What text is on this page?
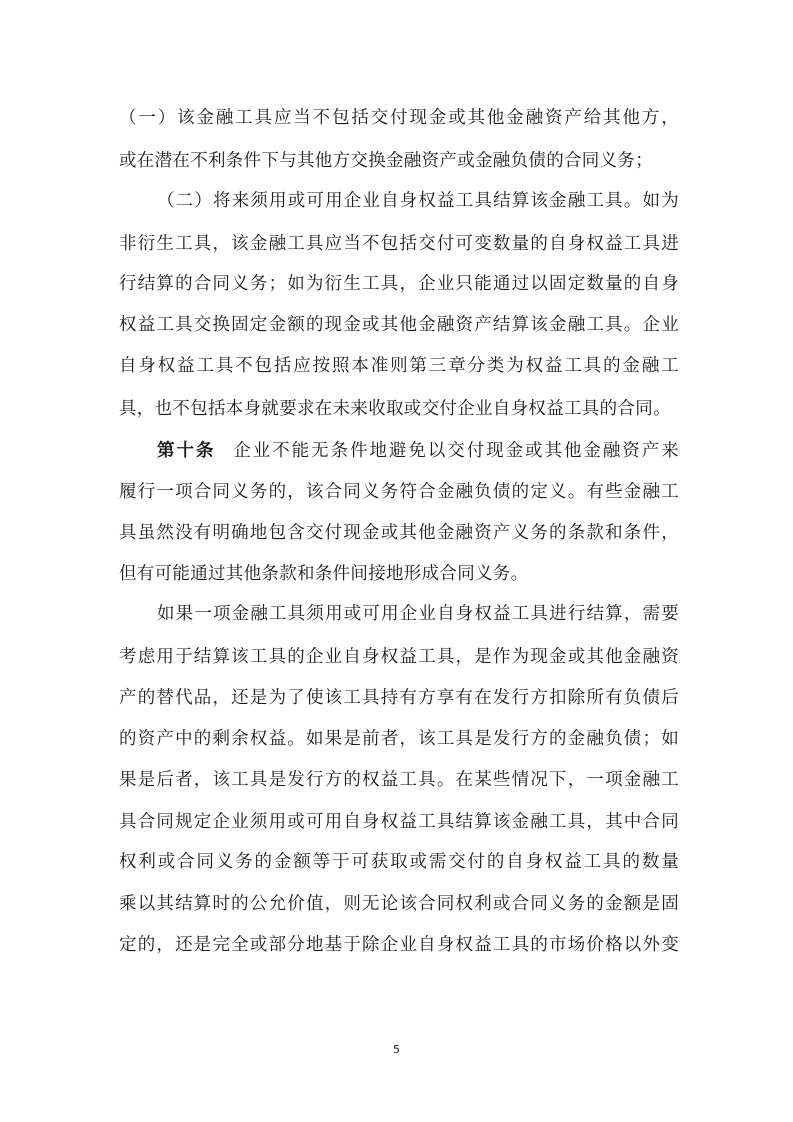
（一）该金融工具应当不包括交付现金或其他金融资产给其他方，
或在潜在不利条件下与其他方交换金融资产或金融负债的合同义务；
（二）将来须用或可用企业自身权益工具结算该金融工具。如为
非衍生工具，该金融工具应当不包括交付可变数量的自身权益工具进
行结算的合同义务；如为衍生工具，企业只能通过以固定数量的自身
权益工具交换固定金额的现金或其他金融资产结算该金融工具。企业
自身权益工具不包括应按照本准则第三章分类为权益工具的金融工
具，也不包括本身就要求在未来收取或交付企业自身权益工具的合同。
第十条 企业不能无条件地避免以交付现金或其他金融资产来
履行一项合同义务的，该合同义务符合金融负债的定义。有些金融工
具虽然没有明确地包含交付现金或其他金融资产义务的条款和条件，
但有可能通过其他条款和条件间接地形成合同义务。
如果一项金融工具须用或可用企业自身权益工具进行结算，需要
考虑用于结算该工具的企业自身权益工具，是作为现金或其他金融资
产的替代品，还是为了使该工具持有方享有在发行方扣除所有负债后
的资产中的剩余权益。如果是前者，该工具是发行方的金融负债；如
果是后者，该工具是发行方的权益工具。在某些情况下，一项金融工
具合同规定企业须用或可用自身权益工具结算该金融工具，其中合同
权利或合同义务的金额等于可获取或需交付的自身权益工具的数量
乘以其结算时的公允价值，则无论该合同权利或合同义务的金额是固
定的，还是完全或部分地基于除企业自身权益工具的市场价格以外变
5
